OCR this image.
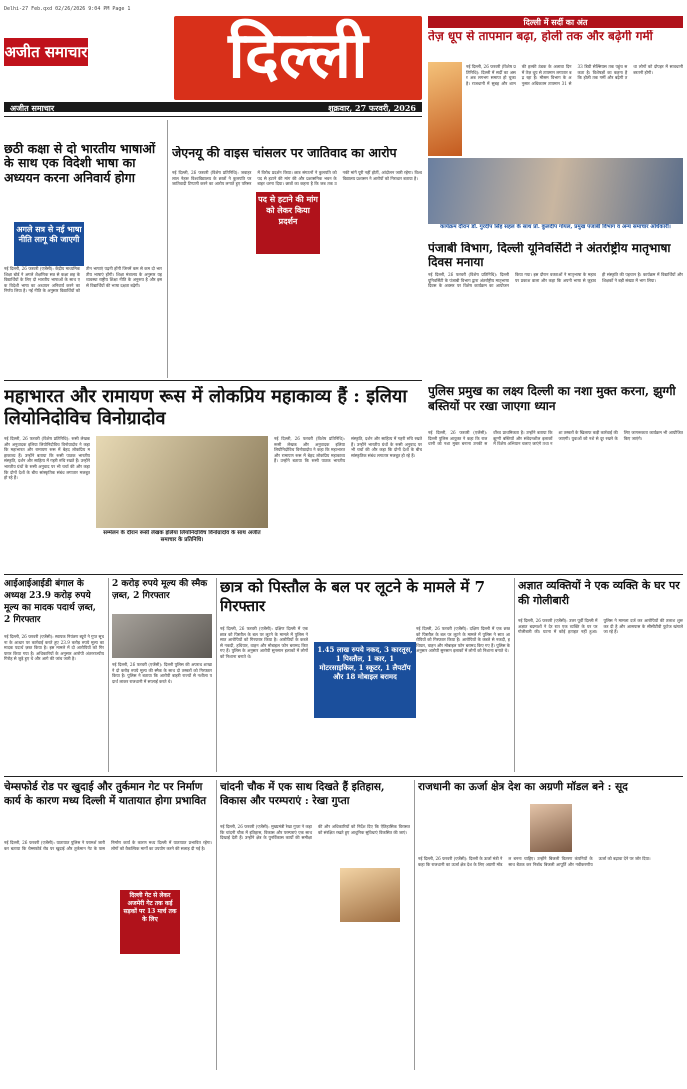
Delhi-27 Feb.qxd 02/26/2026 9:04 PM Page 1
अजीत समाचार	दिल्ली
अजीत समाचार	शुक्रवार, 27 फरवरी, 2026
दिल्ली में सर्दी का अंत
तेज़ धूप से तापमान बढ़ा, होली तक और बढ़ेगी गर्मी
नई दिल्ली, 26 फरवरी (विशेष प्रतिनिधि): दिल्ली में सर्दी का असर अब लगभग समाप्त हो चुका है। राजधानी में सुबह और शाम की हल्की ठंडक के अलावा दिन में तेज़ धूप से तापमान लगातार बढ़ रहा है। मौसम विभाग के अनुसार अधिकतम तापमान 31 से 33 डिग्री सेल्सियस तक पहुंच सकता है। विशेषज्ञों का कहना है कि होली तक गर्मी और बढ़ेगी तथा लोगों को दोपहर में सावधानी बरतनी होगी।
छठी कक्षा से दो भारतीय भाषाओं के साथ एक विदेशी भाषा का अध्ययन करना अनिवार्य होगा
अगले सत्र से नई भाषा नीति लागू की जाएगी
नई दिल्ली, 26 फरवरी (एजेंसी): केंद्रीय माध्यमिक शिक्षा बोर्ड ने अगले शैक्षणिक सत्र से कक्षा छह के विद्यार्थियों के लिए दो भारतीय भाषाओं के साथ एक विदेशी भाषा का अध्ययन अनिवार्य करने का निर्णय लिया है। नई नीति के अनुसार विद्यार्थियों को तीन भाषाएं पढ़नी होंगी जिनमें कम से कम दो भारतीय भाषाएं होंगी। शिक्षा मंत्रालय के अनुसार यह व्यवस्था राष्ट्रीय शिक्षा नीति के अनुरूप है और इससे विद्यार्थियों की भाषा दक्षता बढ़ेगी।
जेएनयू की वाइस चांसलर पर जातिवाद का आरोप
पद से हटाने की मांग को लेकर किया प्रदर्शन
नई दिल्ली, 26 फरवरी (विशेष प्रतिनिधि): जवाहरलाल नेहरू विश्वविद्यालय के छात्रों ने कुलपति पर जातिवादी टिप्पणी करने का आरोप लगाते हुए परिसर में विरोध प्रदर्शन किया। छात्र संगठनों ने कुलपति को पद से हटाने की मांग की और प्रशासनिक भवन के बाहर धरना दिया। छात्रों का कहना है कि जब तक उनकी मांगें पूरी नहीं होतीं, आंदोलन जारी रहेगा। विश्वविद्यालय प्रशासन ने आरोपों को निराधार बताया है।
कार्यक्रम दौरान डॉ. गुरदीप सिंह सहल के साथ प्रो. कुलदीप गोयल, प्रमुख पंजाबी विभाग व अन्य समाचार अधिकारी।
पंजाबी विभाग, दिल्ली यूनिवर्सिटी ने अंतर्राष्ट्रीय मातृभाषा दिवस मनाया
नई दिल्ली, 26 फरवरी (विशेष प्रतिनिधि): दिल्ली यूनिवर्सिटी के पंजाबी विभाग द्वारा अंतर्राष्ट्रीय मातृभाषा दिवस के अवसर पर विशेष कार्यक्रम का आयोजन किया गया। इस दौरान वक्ताओं ने मातृभाषा के महत्व पर प्रकाश डाला और कहा कि अपनी भाषा से जुड़ाव ही संस्कृति की पहचान है। कार्यक्रम में विद्यार्थियों और शिक्षकों ने बड़ी संख्या में भाग लिया।
महाभारत और रामायण रूस में लोकप्रिय महाकाव्य हैं : इलिया लियोनिदोविच विनोग्रादोव
नई दिल्ली, 26 फरवरी (विशेष प्रतिनिधि): रूसी लेखक और अनुवादक इलिया लियोनिदोविच विनोग्रादोव ने कहा कि महाभारत और रामायण रूस में बेहद लोकप्रिय महाकाव्य हैं। उन्होंने बताया कि रूसी पाठक भारतीय संस्कृति, दर्शन और साहित्य में गहरी रुचि रखते हैं। उन्होंने भारतीय ग्रंथों के रूसी अनुवाद पर भी चर्चा की और कहा कि दोनों देशों के बीच सांस्कृतिक संबंध लगातार मजबूत हो रहे हैं।
सम्मेलन के दौरान रूसी लेखक इलिया लियोनिदोविच विनोग्रादोव के साथ अजीत समाचार के प्रतिनिधि।
नई दिल्ली, 26 फरवरी (विशेष प्रतिनिधि): रूसी लेखक और अनुवादक इलिया लियोनिदोविच विनोग्रादोव ने कहा कि महाभारत और रामायण रूस में बेहद लोकप्रिय महाकाव्य हैं। उन्होंने बताया कि रूसी पाठक भारतीय संस्कृति, दर्शन और साहित्य में गहरी रुचि रखते हैं। उन्होंने भारतीय ग्रंथों के रूसी अनुवाद पर भी चर्चा की और कहा कि दोनों देशों के बीच सांस्कृतिक संबंध लगातार मजबूत हो रहे हैं।
पुलिस प्रमुख का लक्ष्य दिल्ली का नशा मुक्त करना, झुग्गी बस्तियों पर रखा जाएगा ध्यान
नई दिल्ली, 26 फरवरी (एजेंसी): दिल्ली पुलिस आयुक्त ने कहा कि राजधानी को नशा मुक्त बनाना उनकी सर्वोच्च प्राथमिकता है। उन्होंने बताया कि झुग्गी बस्तियों और संवेदनशील इलाकों में विशेष अभियान चलाए जाएंगे तथा नशा तस्करों के खिलाफ कड़ी कार्रवाई की जाएगी। युवाओं को नशे से दूर रखने के लिए जागरूकता कार्यक्रम भी आयोजित किए जाएंगे।
आईआईआईडी बंगाल के अध्यक्ष 23.9 करोड़ रुपये मूल्य का मादक पदार्थ ज़ब्त, 2 गिरफ्तार
नई दिल्ली, 26 फरवरी (एजेंसी): स्वापक नियंत्रण ब्यूरो ने गुप्त सूचना के आधार पर कार्रवाई करते हुए 23.9 करोड़ रुपये मूल्य का मादक पदार्थ ज़ब्त किया है। इस मामले में दो आरोपियों को गिरफ्तार किया गया है। अधिकारियों के अनुसार आरोपी अंतरराज्यीय गिरोह से जुड़े हुए थे और आगे की जांच जारी है।
2 करोड़ रुपये मूल्य की स्मैक ज़ब्त, 2 गिरफ्तार
नई दिल्ली, 26 फरवरी (एजेंसी): दिल्ली पुलिस की अपराध शाखा ने दो करोड़ रुपये मूल्य की स्मैक के साथ दो तस्करों को गिरफ्तार किया है। पुलिस ने बताया कि आरोपी बाहरी राज्यों से नशीला पदार्थ लाकर राजधानी में सप्लाई करते थे।
छात्र को पिस्तौल के बल पर लूटने के मामले में 7 गिरफ्तार
नई दिल्ली, 26 फरवरी (एजेंसी): दक्षिण दिल्ली में एक छात्र को पिस्तौल के बल पर लूटने के मामले में पुलिस ने सात आरोपियों को गिरफ्तार किया है। आरोपियों के कब्जे से नकदी, हथियार, वाहन और मोबाइल फोन बरामद किए गए हैं। पुलिस के अनुसार आरोपी सुनसान इलाकों में लोगों को निशाना बनाते थे।
1.45 लाख रुपये नकद, 3 कारतूस, 1 पिस्तौल, 1 कार, 1 मोटरसाइकिल, 1 स्कूटर, 1 लैपटॉप और 18 मोबाइल बरामद
नई दिल्ली, 26 फरवरी (एजेंसी): दक्षिण दिल्ली में एक छात्र को पिस्तौल के बल पर लूटने के मामले में पुलिस ने सात आरोपियों को गिरफ्तार किया है। आरोपियों के कब्जे से नकदी, हथियार, वाहन और मोबाइल फोन बरामद किए गए हैं। पुलिस के अनुसार आरोपी सुनसान इलाकों में लोगों को निशाना बनाते थे।
अज्ञात व्यक्तियों ने एक व्यक्ति के घर पर की गोलीबारी
नई दिल्ली, 26 फरवरी (एजेंसी): उत्तर पूर्वी दिल्ली में अज्ञात बदमाशों ने देर रात एक व्यक्ति के घर पर गोलीबारी की। घटना में कोई हताहत नहीं हुआ। पुलिस ने मामला दर्ज कर आरोपियों की तलाश शुरू कर दी है और आसपास के सीसीटीवी फुटेज खंगाले जा रहे हैं।
चेम्सफोर्ड रोड पर खुदाई और तुर्कमान गेट पर निर्माण कार्य के कारण मध्य दिल्ली में यातायात होगा प्रभावित
नई दिल्ली, 26 फरवरी (एजेंसी): यातायात पुलिस ने परामर्श जारी कर बताया कि चेम्सफोर्ड रोड पर खुदाई और तुर्कमान गेट के पास निर्माण कार्य के कारण मध्य दिल्ली में यातायात प्रभावित रहेगा। लोगों को वैकल्पिक मार्गों का उपयोग करने की सलाह दी गई है।
दिल्ली गेट से लेकर अजमेरी गेट तक कई सड़कों पर 13 मार्च तक के लिए
चांदनी चौक में एक साथ दिखते हैं इतिहास, विकास और परम्पराएं : रेखा गुप्ता
नई दिल्ली, 26 फरवरी (एजेंसी): मुख्यमंत्री रेखा गुप्ता ने कहा कि चांदनी चौक में इतिहास, विकास और परम्पराएं एक साथ दिखाई देती हैं। उन्होंने क्षेत्र के पुनर्विकास कार्यों की समीक्षा की और अधिकारियों को निर्देश दिए कि ऐतिहासिक विरासत को संरक्षित रखते हुए आधुनिक सुविधाएं विकसित की जाएं।
राजधानी का ऊर्जा क्षेत्र देश का अग्रणी मॉडल बने : सूद
नई दिल्ली, 26 फरवरी (एजेंसी): दिल्ली के ऊर्जा मंत्री ने कहा कि राजधानी का ऊर्जा क्षेत्र देश के लिए अग्रणी मॉडल बनना चाहिए। उन्होंने बिजली वितरण कंपनियों के साथ बैठक कर निर्बाध बिजली आपूर्ति और नवीकरणीय ऊर्जा को बढ़ावा देने पर जोर दिया।
